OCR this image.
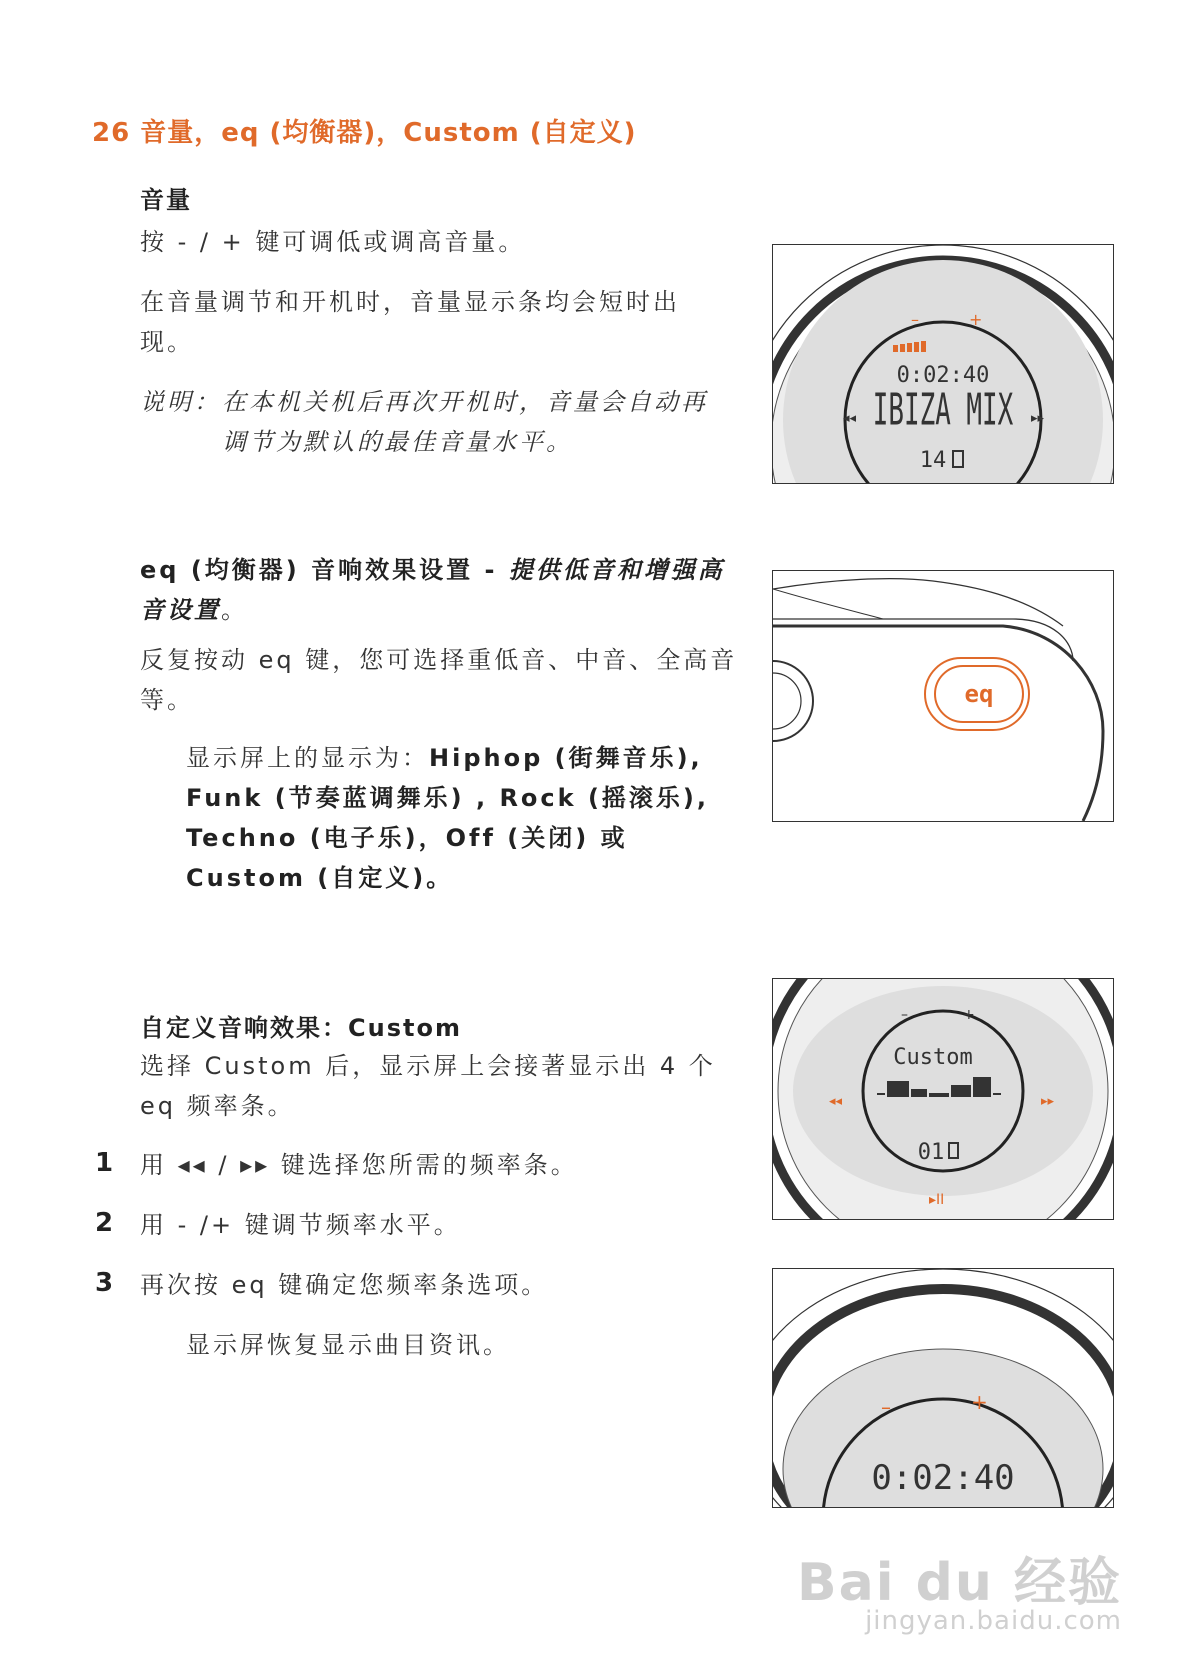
26 音量，eq (均衡器)，Custom (自定义)
音量
按 - / + 键可调低或调高音量。
在音量调节和开机时，音量显示条均会短时出现。
说明： 在本机关机后再次开机时，音量会自动再调节为默认的最佳音量水平。
eq (均衡器) 音响效果设置 - 提供低音和增强高音设置。
反复按动 eq 键，您可选择重低音、中音、全高音等。
显示屏上的显示为：Hiphop (街舞音乐), Funk (节奏蓝调舞乐) , Rock (摇滚乐), Techno (电子乐)，Off (关闭) 或 Custom (自定义)。
自定义音响效果：Custom
选择 Custom 后，显示屏上会接著显示出 4 个 eq 频率条。
1 用 ◂◂ / ▸▸ 键选择您所需的频率条。
2 用 - /+ 键调节频率水平。
3 再次按 eq 键确定您频率条选项。
显示屏恢复显示曲目资讯。
–	+
0:02:40
IBIZA MIX
14
◂◂	▸▸
eq
–	+
Custom
01
◂◂	▸▸
▸II
–	+
0:02:40
Bai du 经验
jingyan.baidu.com
